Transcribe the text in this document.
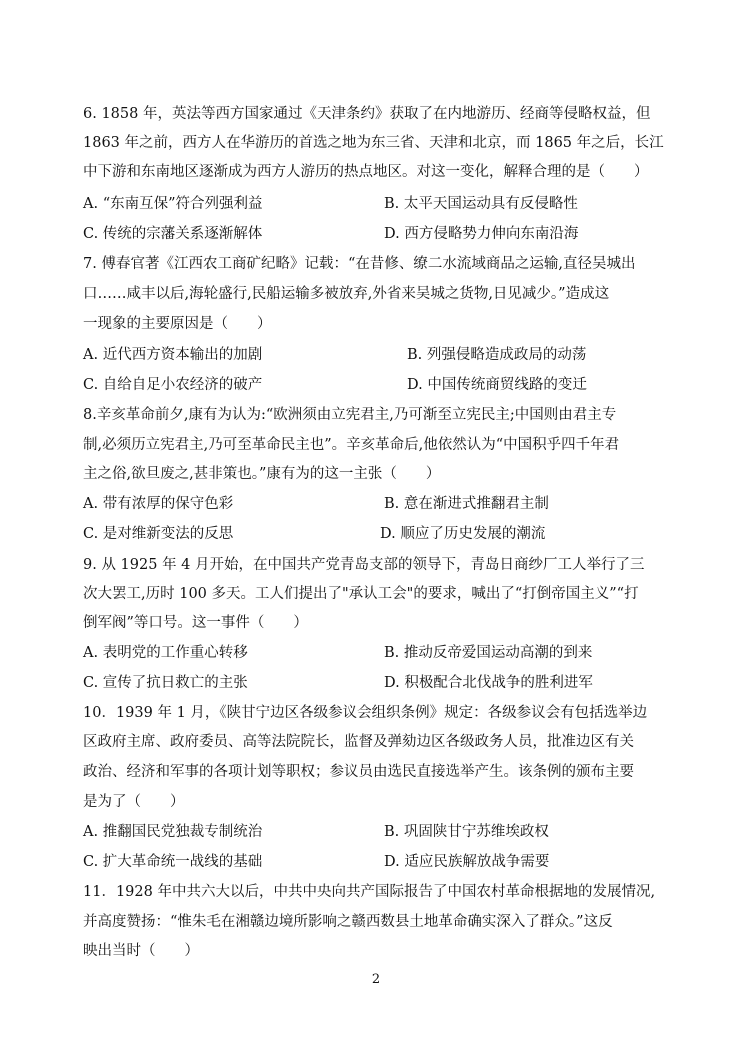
6. 1858 年，英法等西方国家通过《天津条约》获取了在内地游历、经商等侵略权益，但
1863 年之前，西方人在华游历的首选之地为东三省、天津和北京，而 1865 年之后，长江
中下游和东南地区逐渐成为西方人游历的热点地区。对这一变化，解释合理的是（　　）
A. “东南互保”符合列强利益	B. 太平天国运动具有反侵略性
C. 传统的宗藩关系逐渐解体	D. 西方侵略势力伸向东南沿海
7. 傅春官著《江西农工商矿纪略》记载：“在昔修、缭二水流域商品之运输,直径吴城出
口……咸丰以后,海轮盛行,民船运输多被放弃,外省来吴城之货物,日见减少。”造成这
一现象的主要原因是（　　）
A. 近代西方资本输出的加剧	B. 列强侵略造成政局的动荡
C. 自给自足小农经济的破产	D. 中国传统商贸线路的变迁
8.辛亥革命前夕,康有为认为:“欧洲须由立宪君主,乃可渐至立宪民主;中国则由君主专
制,必须历立宪君主,乃可至革命民主也”。辛亥革命后,他依然认为“中国积乎四千年君
主之俗,欲旦废之,甚非策也。”康有为的这一主张（　　）
A. 带有浓厚的保守色彩	B. 意在渐进式推翻君主制
C. 是对维新变法的反思	D. 顺应了历史发展的潮流
9. 从 1925 年 4 月开始，在中国共产党青岛支部的领导下，青岛日商纱厂工人举行了三
次大罢工,历时 100 多天。工人们提出了"承认工会"的要求，喊出了“打倒帝国主义”“打
倒军阀”等口号。这一事件（　　）
A. 表明党的工作重心转移	B. 推动反帝爱国运动高潮的到来
C. 宣传了抗日救亡的主张	D. 积极配合北伐战争的胜利进军
10．1939 年 1 月，《陕甘宁边区各级参议会组织条例》规定：各级参议会有包括选举边
区政府主席、政府委员、高等法院院长，监督及弹劾边区各级政务人员，批准边区有关
政治、经济和军事的各项计划等职权；参议员由选民直接选举产生。该条例的颁布主要
是为了（　　）
A. 推翻国民党独裁专制统治	B. 巩固陕甘宁苏维埃政权
C. 扩大革命统一战线的基础	D. 适应民族解放战争需要
11．1928 年中共六大以后，中共中央向共产国际报告了中国农村革命根据地的发展情况,
并高度赞扬：“惟朱毛在湘赣边境所影响之赣西数县土地革命确实深入了群众。”这反
映出当时（　　）
2
